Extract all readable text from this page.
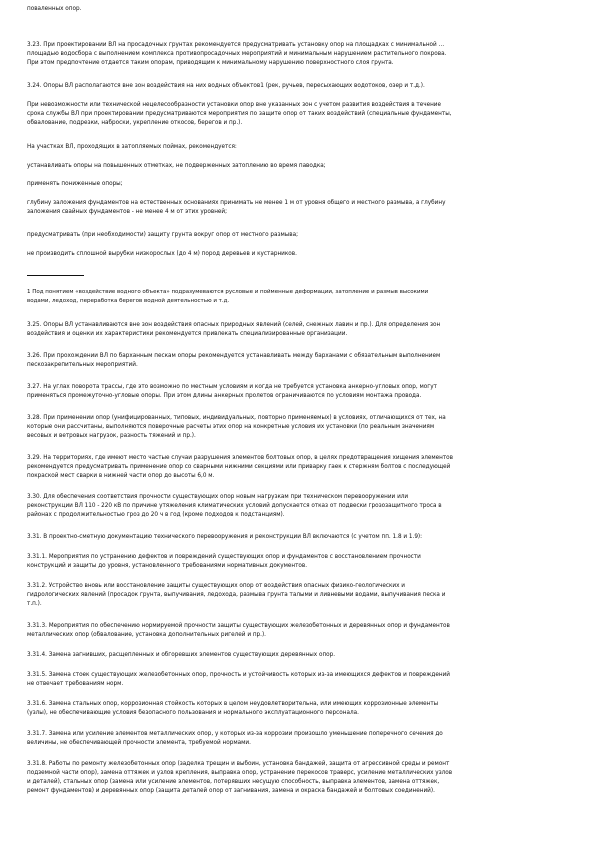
поваленных опор.
3.23. При проектировании ВЛ на просадочных грунтах рекомендуется предусматривать установку опор на площадках с минимальной …
площадью водосбора с выполнением комплекса противопросадочных мероприятий и минимальным нарушением растительного покрова.
При этом предпочтение отдается таким опорам, приводящим к минимальному нарушению поверхностного слоя грунта.
3.24. Опоры ВЛ располагаются вне зон воздействия на них водных объектов1 (рек, ручьев, пересыхающих водотоков, озер и т.д.).
При невозможности или технической нецелесообразности установки опор вне указанных зон с учетом развития воздействия в течение
срока службы ВЛ при проектировании предусматриваются мероприятия по защите опор от таких воздействий (специальные фундаменты,
обвалование, подрезки, наброски, укрепление откосов, берегов и пр.).
На участках ВЛ, проходящих в затопляемых поймах, рекомендуется:
устанавливать опоры на повышенных отметках, не подверженных затоплению во время паводка;
применять пониженные опоры;
глубину заложения фундаментов на естественных основаниях принимать не менее 1 м от уровня общего и местного размыва, а глубину
заложения свайных фундаментов - не менее 4 м от этих уровней;
предусматривать (при необходимости) защиту грунта вокруг опор от местного размыва;
не производить сплошной вырубки низкорослых (до 4 м) пород деревьев и кустарников.
1 Под понятием «воздействие водного объекта» подразумеваются русловые и пойменные деформации, затопление и размыв высокими
водами, ледоход, переработка берегов водной деятельностью и т.д.
3.25. Опоры ВЛ устанавливаются вне зон воздействия опасных природных явлений (селей, снежных лавин и пр.). Для определения зон
воздействия и оценки их характеристики рекомендуется привлекать специализированные организации.
3.26. При прохождении ВЛ по барханным пескам опоры рекомендуется устанавливать между барханами с обязательным выполнением
пескозакрепительных мероприятий.
3.27. На углах поворота трассы, где это возможно по местным условиям и когда не требуется установка анкерно-угловых опор, могут
применяться промежуточно-угловые опоры. При этом длины анкерных пролетов ограничиваются по условиям монтажа провода.
3.28. При применении опор (унифицированных, типовых, индивидуальных, повторно применяемых) в условиях, отличающихся от тех, на
которые они рассчитаны, выполняются поверочные расчеты этих опор на конкретные условия их установки (по реальным значениям
весовых и ветровых нагрузок, разность тяжений и пр.).
3.29. На территориях, где имеют место частые случаи разрушения элементов болтовых опор, в целях предотвращения хищения элементов
рекомендуется предусматривать применение опор со сварными нижними секциями или приварку гаек к стержням болтов с последующей
покраской мест сварки в нижней части опор до высоты 6,0 м.
3.30. Для обеспечения соответствия прочности существующих опор новым нагрузкам при техническом перевооружении или
реконструкции ВЛ 110 - 220 кВ по причине утяжеления климатических условий допускается отказ от подвески грозозащитного троса в
районах с продолжительностью гроз до 20 ч в год (кроме подходов к подстанциям).
3.31. В проектно-сметную документацию технического перевооружения и реконструкции ВЛ включаются (с учетом пп. 1.8 и 1.9):
3.31.1. Мероприятия по устранению дефектов и повреждений существующих опор и фундаментов с восстановлением прочности
конструкций и защиты до уровня, установленного требованиями нормативных документов.
3.31.2. Устройство вновь или восстановление защиты существующих опор от воздействия опасных физико-геологических и
гидрологических явлений (просадок грунта, выпучивания, ледохода, размыва грунта талыми и ливневыми водами, выпучивания песка и
т.п.).
3.31.3. Мероприятия по обеспечению нормируемой прочности защиты существующих железобетонных и деревянных опор и фундаментов
металлических опор (обвалование, установка дополнительных ригелей и пр.).
3.31.4. Замена загнивших, расщепленных и обгоревших элементов существующих деревянных опор.
3.31.5. Замена стоек существующих железобетонных опор, прочность и устойчивость которых из-за имеющихся дефектов и повреждений
не отвечает требованиям норм.
3.31.6. Замена стальных опор, коррозионная стойкость которых в целом неудовлетворительна, или имеющих коррозионные элементы
(узлы), не обеспечивающие условия безопасного пользования и нормального эксплуатационного персонала.
3.31.7. Замена или усиление элементов металлических опор, у которых из-за коррозии произошло уменьшение поперечного сечения до
величины, не обеспечивающей прочности элемента, требуемой нормами.
3.31.8. Работы по ремонту железобетонных опор (заделка трещин и выбоин, установка бандажей, защита от агрессивной среды и ремонт
подземной части опор), замена оттяжек и узлов крепления, выправка опор, устранение перекосов траверс, усиление металлических узлов
и деталей), стальных опор (замена или усиление элементов, потерявших несущую способность, выправка элементов, замена оттяжек,
ремонт фундаментов) и деревянных опор (защита деталей опор от загнивания, замена и окраска бандажей и болтовых соединений).
